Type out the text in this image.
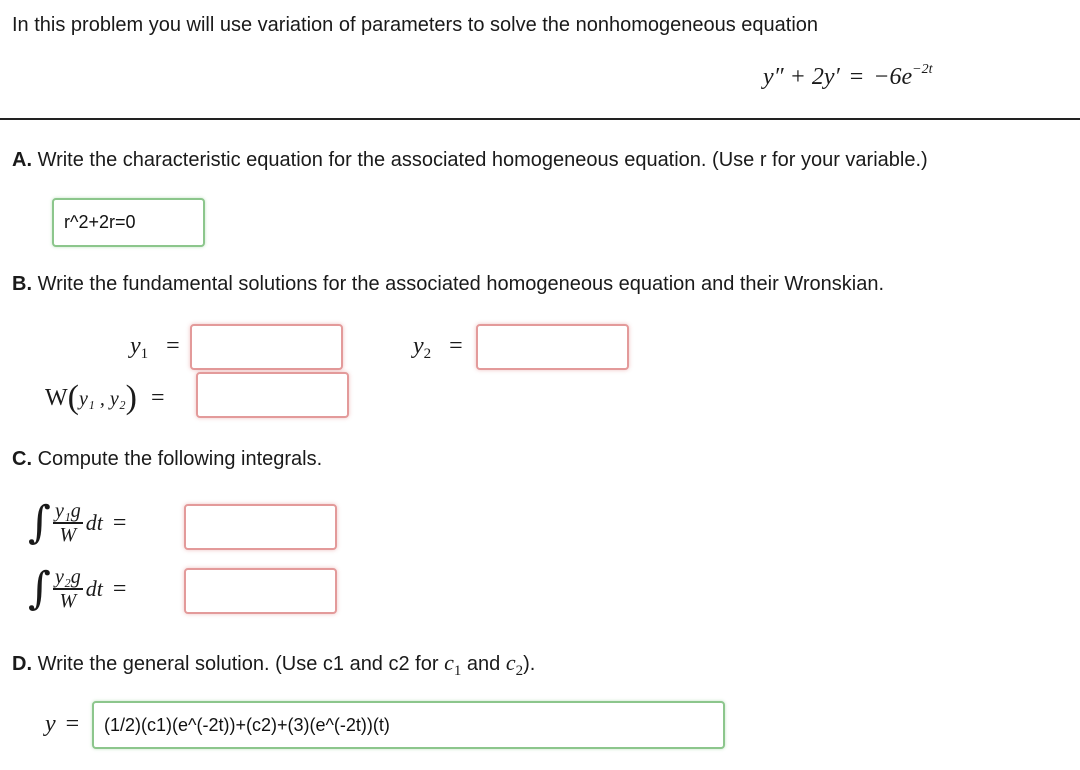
In this problem you will use variation of parameters to solve the nonhomogeneous equation
$y'' + 2y' = -6e^{-2t}$
A. Write the characteristic equation for the associated homogeneous equation. (Use r for your variable.)
r^2+2r=0
B. Write the fundamental solutions for the associated homogeneous equation and their Wronskian.
$y_1$ =	$y_2$ =
W(y₁ , y₂) =
C. Compute the following integrals.
∫ $\frac{\text{y₁g}}{W}$ dt =
∫ $\frac{\text{y₂g}}{W}$ dt =
D. Write the general solution. (Use c1 and c2 for $c_1$ and $c_2$).
y =
(1/2)(c1)(e^(-2t))+(c2)+(3)(e^(-2t))(t)
